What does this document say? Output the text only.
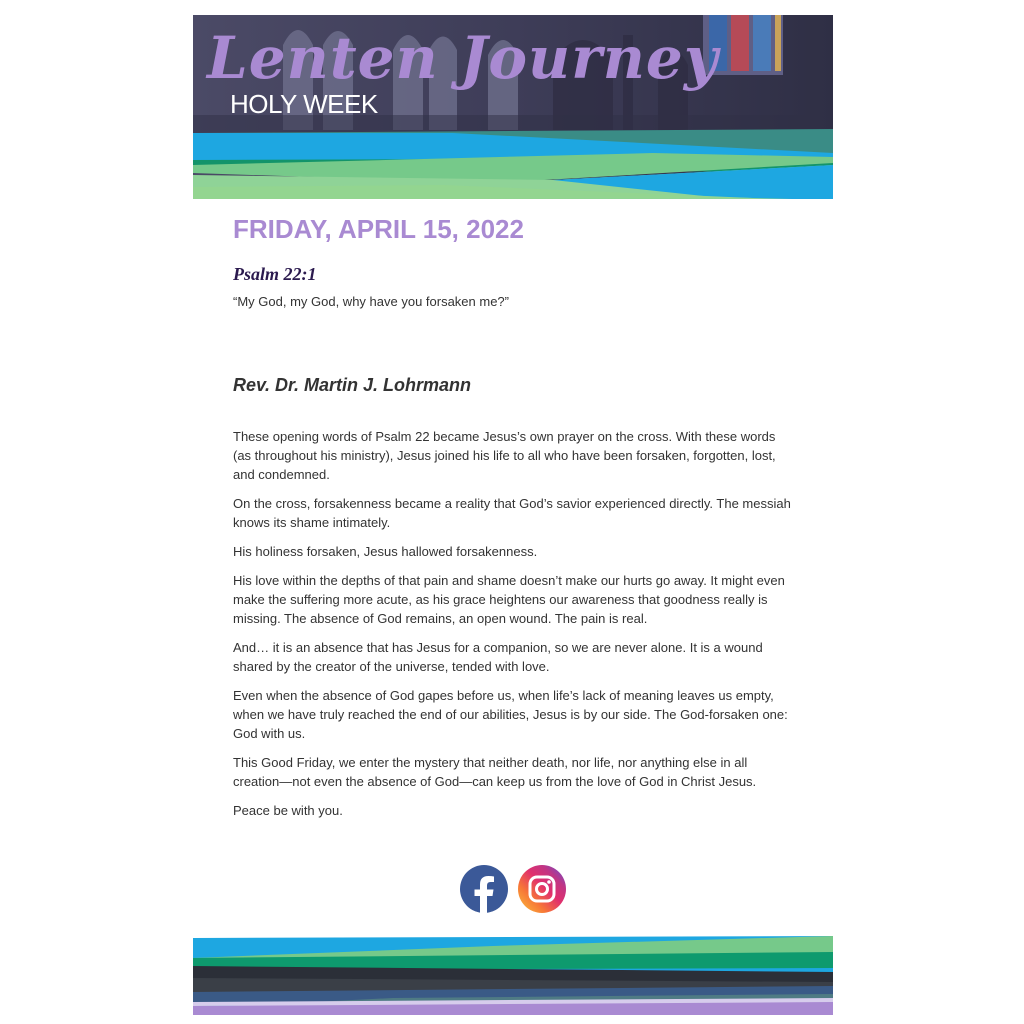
Lenten Journey
HOLY WEEK
FRIDAY, APRIL 15, 2022
Psalm 22:1
“My God, my God, why have you forsaken me?”
Rev. Dr. Martin J. Lohrmann

These opening words of Psalm 22 became Jesus’s own prayer on the cross. With these words (as throughout his ministry), Jesus joined his life to all who have been forsaken, forgotten, lost, and condemned.

On the cross, forsakenness became a reality that God’s savior experienced directly. The messiah knows its shame intimately.

His holiness forsaken, Jesus hallowed forsakenness.

His love within the depths of that pain and shame doesn’t make our hurts go away. It might even make the suffering more acute, as his grace heightens our awareness that goodness really is missing. The absence of God remains, an open wound. The pain is real.

And… it is an absence that has Jesus for a companion, so we are never alone. It is a wound shared by the creator of the universe, tended with love.

Even when the absence of God gapes before us, when life’s lack of meaning leaves us empty, when we have truly reached the end of our abilities, Jesus is by our side. The God-forsaken one: God with us.

This Good Friday, we enter the mystery that neither death, nor life, nor anything else in all creation—not even the absence of God—can keep us from the love of God in Christ Jesus.

Peace be with you.
